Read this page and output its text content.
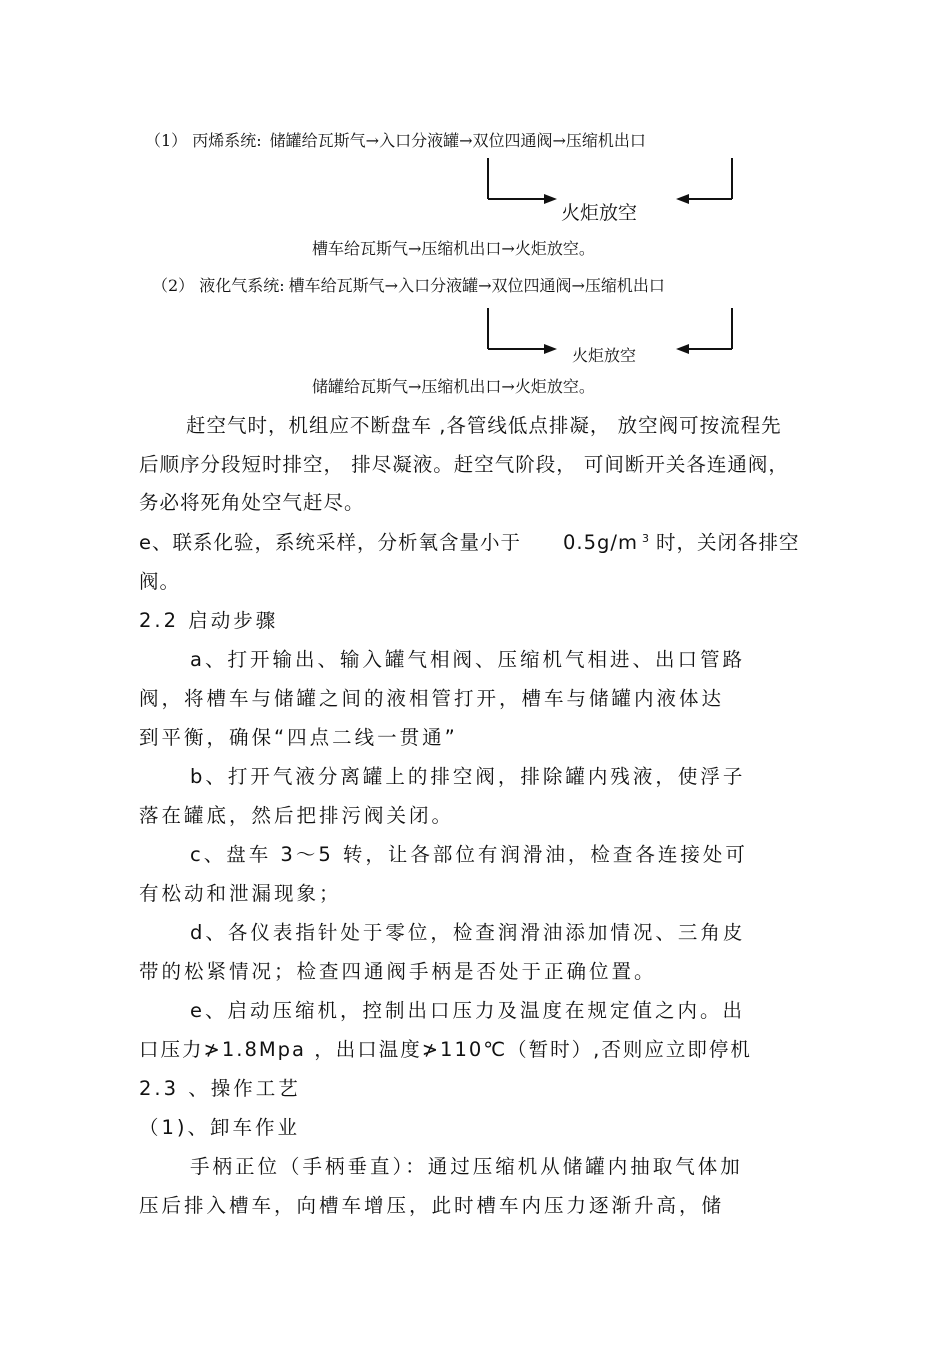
（1） 丙烯系统: 储罐给瓦斯气→入口分液罐→双位四通阀→压缩机出口
火炬放空
槽车给瓦斯气→压缩机出口→火炬放空。
（2） 液化气系统: 槽车给瓦斯气→入口分液罐→双位四通阀→压缩机出口
火炬放空
储罐给瓦斯气→压缩机出口→火炬放空。
赶空气时，机组应不断盘车 ,各管线低点排凝， 放空阀可按流程先
后顺序分段短时排空， 排尽凝液。赶空气阶段， 可间断开关各连通阀，
务必将死角处空气赶尽。
e、联系化验，系统采样，分析氧含量小于 0.5g/m $^3$ 时，关闭各排空
阀。
2.2 启动步骤
a、打开输出、输入罐气相阀、压缩机气相进、出口管路
阀，将槽车与储罐之间的液相管打开，槽车与储罐内液体达
到平衡，确保“四点二线一贯通”
b、打开气液分离罐上的排空阀，排除罐内残液，使浮子
落在罐底，然后把排污阀关闭。
c、盘车 3～5 转，让各部位有润滑油，检查各连接处可
有松动和泄漏现象；
d、各仪表指针处于零位，检查润滑油添加情况、三角皮
带的松紧情况；检查四通阀手柄是否处于正确位置。
e、启动压缩机，控制出口压力及温度在规定值之内。出
口压力≯1.8Mpa ，出口温度≯110℃（暂时）,否则应立即停机
2.3 、操作工艺
（1)、卸车作业
手柄正位（手柄垂直）：通过压缩机从储罐内抽取气体加
压后排入槽车，向槽车增压，此时槽车内压力逐渐升高，储
